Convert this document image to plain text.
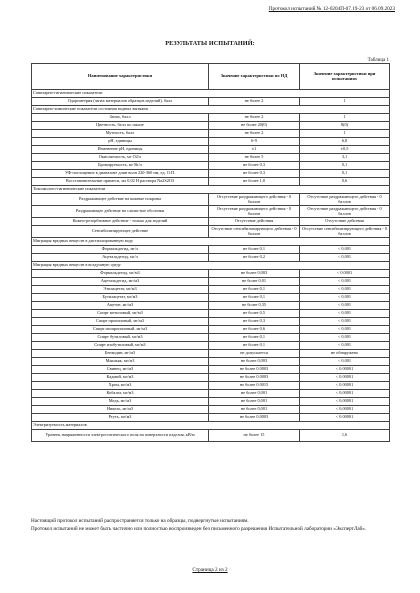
Протокол испытаний № 12-0204П-07.19-23 от 06.09.2023
РЕЗУЛЬТАТЫ ИСПЫТАНИЙ:
Таблица 1
Наименование характеристики	Значение характеристики по НД	Значение характеристики при испытаниях
Санитарно-гигиенические показатели		
Одорометрия (запах материалов образцов изделий), балл	не более 2	1
Санитарно-химические показатели состояния водных вытяжек		
Запах, балл	не более 2	1
Цветность, балл по шкале	не более 20(0)	8(0)
Мутность, балл	не более 2	1
pH, единицы	6-9	6,8
Изменение pH, единицы	±1	±0,5
Окисляемость, мг O2/л	не более 5	3,1
Бромируемость, мг Br/л	не более 0,3	0,1
УФ-поглощение в диапазоне длин волн 220-360 нм, ед. О.П.	не более 0,3	0,1
Восстановительные примеси, мл 0,02 Н раствора Na2S2O3	не более 1,0	0,6
Токсиколого-гигиенические показатели		
Раздражающее действие на кожные покровы	Отсутствие раздражающего действия - 0 баллов	Отсутствие раздражающего действия - 0 баллов
Раздражающее действие на слизистые оболочки	Отсутствие раздражающего действия - 0 баллов	Отсутствие раздражающего действия - 0 баллов
Кожно-резорбтивное действие - только для изделий	Отсутствие действия	Отсутствие действия
Сенсибилизирующее действие	Отсутствие сенсибилизирующего действия - 0 баллов	Отсутствие сенсибилизирующего действия - 0 баллов
Миграция вредных веществ в дистиллированную воду		
Формальдегид, мг/л	не более 0,1	< 0,001
Ацетальдегид, мг/л	не более 0,2	< 0,001
Миграция вредных веществ в воздушную среду		
Формальдегид, мг/м3	не более 0,003	< 0.0001
Ацетальдегид, мг/м3	не более 0,01	< 0,001
Этилацетат, мг/м3	не более 0,1	< 0,001
Бутилацетат, мг/м3	не более 0,1	< 0,001
Ацетон, мг/м3	не более 0,35	< 0,001
Спирт метиловый, мг/м3	не более 0,5	< 0,001
Спирт пропиловый, мг/м3	не более 0,3	< 0,001
Спирт изопропиловый, мг/м3	не более 0,6	< 0,001
Спирт бутиловый, мг/м3	не более 0,1	< 0,001
Спирт изобутиловый, мг/м3	не более 0,1	< 0,001
Бензидин, мг/м3	не допускается	не обнаружено
Мышьяк, мг/м3	не более 0,003	< 0,001
Свинец, мг/м3	не более 0.0003	< 0.00001
Кадмий, мг/м3	не более 0.0003	< 0.00001
Хром, мг/м3	не более 0.0015	< 0.00001
Кобальт, мг/м3	не более 0,001	< 0,00001
Медь, мг/м3	не более 0,001	< 0,00001
Никель, мг/м3	не более 0,001	< 0,00001
Ртуть, мг/м3	не более 0,0003	< 0.00001
Электризуемость материалов		
Уровень напряженности электростатического поля на поверхности изделия, кВ/м	не более 15	1,6
Настоящий протокол испытаний распространяется только на образцы, подвергнутые испытаниям.
Протокол испытаний не может быть частично или полностью воспроизведен без письменного разрешения Испытательной лаборатории «ЭкспертЛаб».
Страница 2 из 2
